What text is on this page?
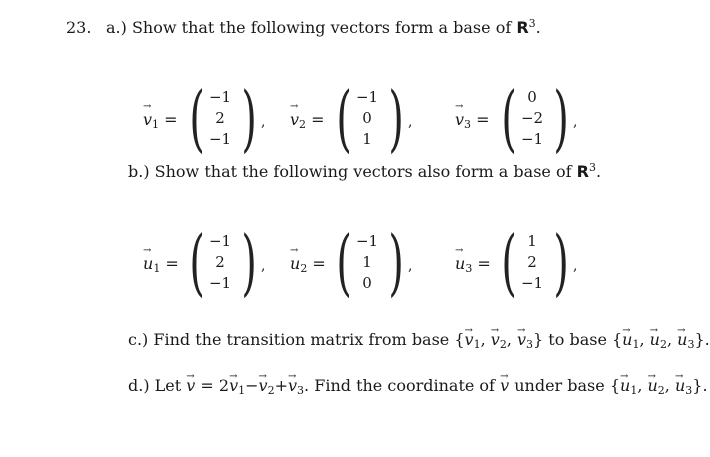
23. a.) Show that the following vectors form a base of $R^3$.
→ $v_1$ = ( −1
2
−1 ) , → $v_2$ = ( −1
0
1 ) ,	→ $v_3$ = ( 0
−2
−1 ) ,
b.) Show that the following vectors also form a base of $R^3$.
→ $u_1$ = ( −1
2
−1 ) , → $u_2$ = ( −1
1
0 ) ,	→ $u_3$ = ( 1
2
−1 ) ,
c.) Find the transition matrix from base {→ $v_1$, → $v_2$, → $v_3$} to base {→ $u_1$, → $u_2$, → $u_3$}.
d.) Let → $v = 2\to v_1-\to v_2+\to v_3$. Find the coordinate of → v under base {→ $u_1$, → $u_2$, → $u_3$}.
